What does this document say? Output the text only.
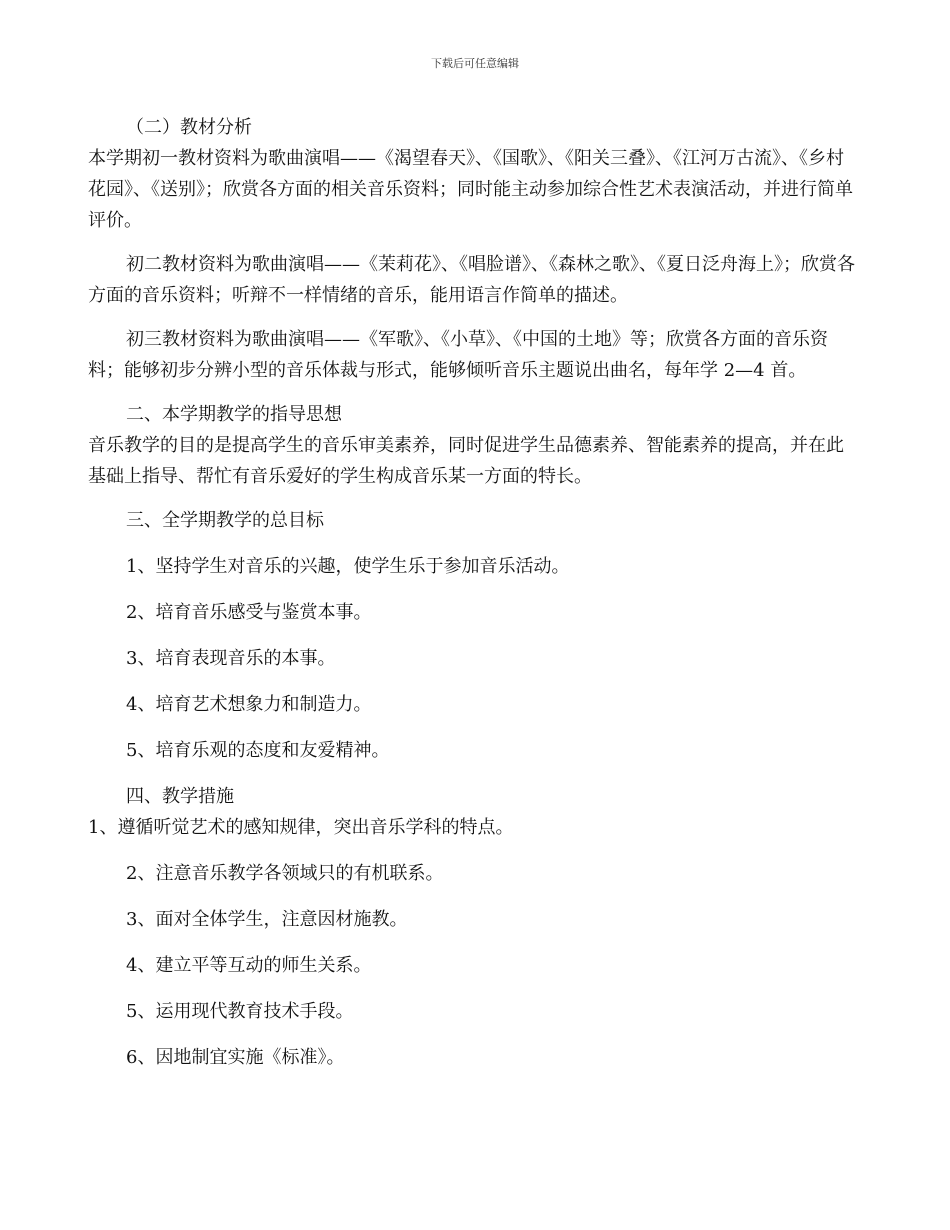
下载后可任意编辑

（二）教材分析

本学期初一教材资料为歌曲演唱——《渴望春天》、《国歌》、《阳关三叠》、《江河万古流》、《乡村花园》、《送别》；欣赏各方面的相关音乐资料；同时能主动参加综合性艺术表演活动，并进行简单评价。

初二教材资料为歌曲演唱——《茉莉花》、《唱脸谱》、《森林之歌》、《夏日泛舟海上》；欣赏各方面的音乐资料；听辩不一样情绪的音乐，能用语言作简单的描述。

初三教材资料为歌曲演唱——《军歌》、《小草》、《中国的土地》等；欣赏各方面的音乐资料；能够初步分辨小型的音乐体裁与形式，能够倾听音乐主题说出曲名，每年学 2—4 首。

二、本学期教学的指导思想

音乐教学的目的是提高学生的音乐审美素养，同时促进学生品德素养、智能素养的提高，并在此基础上指导、帮忙有音乐爱好的学生构成音乐某一方面的特长。

三、全学期教学的总目标

1、坚持学生对音乐的兴趣，使学生乐于参加音乐活动。

2、培育音乐感受与鉴赏本事。

3、培育表现音乐的本事。

4、培育艺术想象力和制造力。

5、培育乐观的态度和友爱精神。

四、教学措施

1、遵循听觉艺术的感知规律，突出音乐学科的特点。

2、注意音乐教学各领域只的有机联系。

3、面对全体学生，注意因材施教。

4、建立平等互动的师生关系。

5、运用现代教育技术手段。

6、因地制宜实施《标准》。
